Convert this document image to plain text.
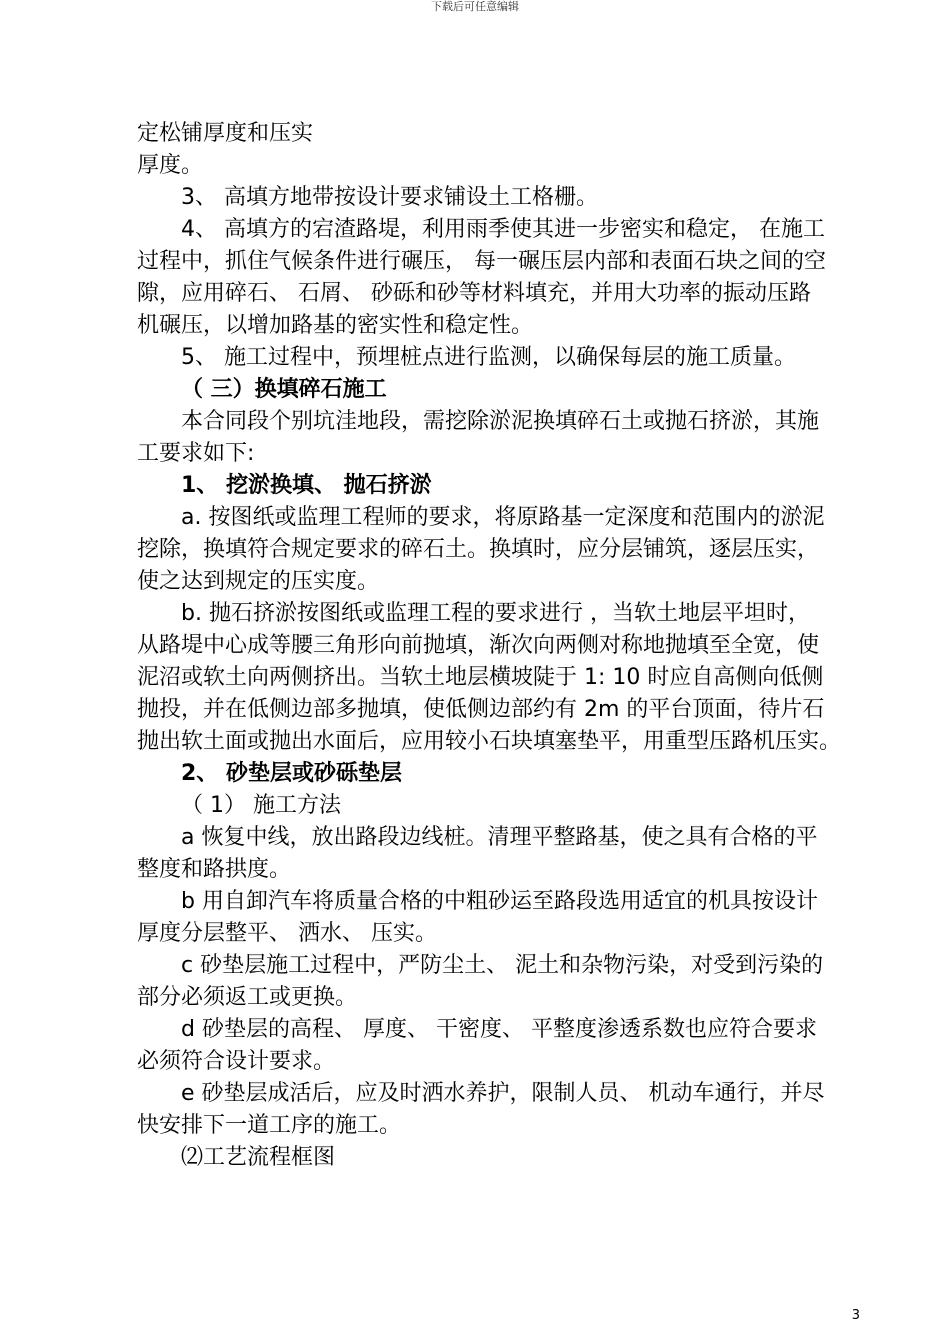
下载后可任意编辑
定松铺厚度和压实
厚度。
3、 高填方地带按设计要求铺设土工格栅。
4、 高填方的宕渣路堤，利用雨季使其进一步密实和稳定， 在施工
过程中，抓住气候条件进行碾压， 每一碾压层内部和表面石块之间的空
隙，应用碎石、 石屑、 砂砾和砂等材料填充，并用大功率的振动压路
机碾压，以增加路基的密实性和稳定性。
5、 施工过程中，预埋桩点进行监测，以确保每层的施工质量。
（ 三）换填碎石施工
本合同段个别坑洼地段，需挖除淤泥换填碎石土或抛石挤淤，其施
工要求如下:
1、 挖淤换填、 抛石挤淤
a. 按图纸或监理工程师的要求，将原路基一定深度和范围内的淤泥
挖除，换填符合规定要求的碎石土。换填时，应分层铺筑，逐层压实，
使之达到规定的压实度。
b. 抛石挤淤按图纸或监理工程的要求进行 ，当软土地层平坦时，
从路堤中心成等腰三角形向前抛填，渐次向两侧对称地抛填至全宽，使
泥沼或软土向两侧挤出。当软土地层横坡陡于 1: 10 时应自高侧向低侧
抛投，并在低侧边部多抛填，使低侧边部约有 2m 的平台顶面，待片石
抛出软土面或抛出水面后，应用较小石块填塞垫平，用重型压路机压实。
2、 砂垫层或砂砾垫层
（ 1） 施工方法
a 恢复中线，放出路段边线桩。清理平整路基，使之具有合格的平
整度和路拱度。
b 用自卸汽车将质量合格的中粗砂运至路段选用适宜的机具按设计
厚度分层整平、 洒水、 压实。
c 砂垫层施工过程中，严防尘土、 泥土和杂物污染，对受到污染的
部分必须返工或更换。
d 砂垫层的高程、 厚度、 干密度、 平整度渗透系数也应符合要求
必须符合设计要求。
e 砂垫层成活后，应及时洒水养护，限制人员、 机动车通行，并尽
快安排下一道工序的施工。
⑵工艺流程框图
3
